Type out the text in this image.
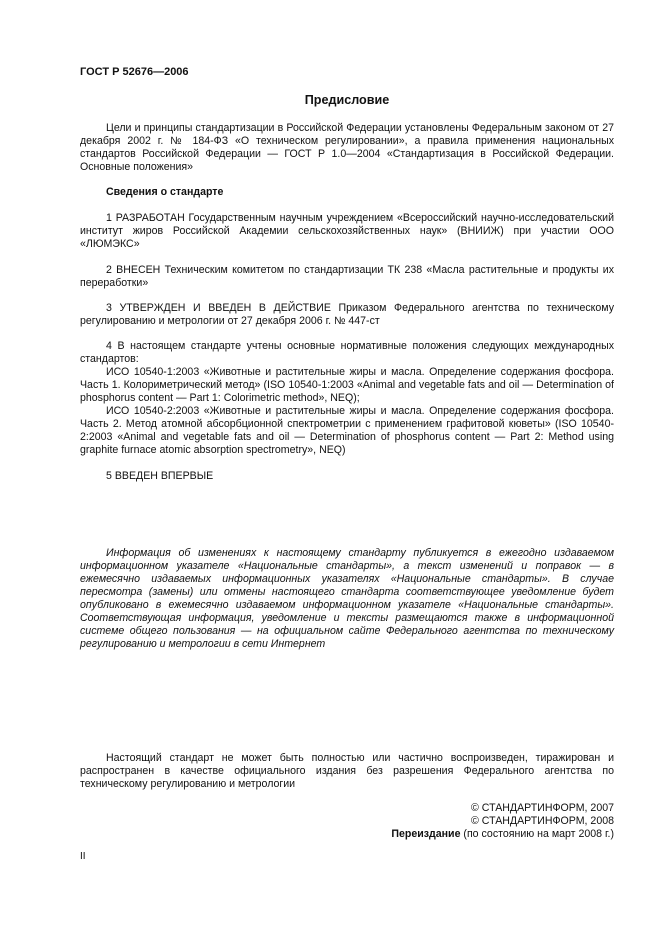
ГОСТ Р 52676—2006
Предисловие

Цели и принципы стандартизации в Российской Федерации установлены Федеральным законом от 27 декабря 2002 г. № 184-ФЗ «О техническом регулировании», а правила применения национальных стандартов Российской Федерации — ГОСТ Р 1.0—2004 «Стандартизация в Российской Федерации. Основные положения»

Сведения о стандарте

1 РАЗРАБОТАН Государственным научным учреждением «Всероссийский научно-исследовательский институт жиров Российской Академии сельскохозяйственных наук» (ВНИИЖ) при участии ООО «ЛЮМЭКС»

2 ВНЕСЕН Техническим комитетом по стандартизации ТК 238 «Масла растительные и продукты их переработки»

3 УТВЕРЖДЕН И ВВЕДЕН В ДЕЙСТВИЕ Приказом Федерального агентства по техническому регулированию и метрологии от 27 декабря 2006 г. № 447-ст

4 В настоящем стандарте учтены основные нормативные положения следующих международных стандартов:

ИСО 10540-1:2003 «Животные и растительные жиры и масла. Определение содержания фосфора. Часть 1. Колориметрический метод» (ISO 10540-1:2003 «Animal and vegetable fats and oil — Determination of phosphorus content — Part 1: Colorimetric method», NEQ);

ИСО 10540-2:2003 «Животные и растительные жиры и масла. Определение содержания фосфора. Часть 2. Метод атомной абсорбционной спектрометрии с применением графитовой кюветы» (ISO 10540-2:2003 «Animal and vegetable fats and oil — Determination of phosphorus content — Part 2: Method using graphite furnace atomic absorption spectrometry», NEQ)

5 ВВЕДЕН ВПЕРВЫЕ

Информация об изменениях к настоящему стандарту публикуется в ежегодно издаваемом информационном указателе «Национальные стандарты», а текст изменений и поправок — в ежемесячно издаваемых информационных указателях «Национальные стандарты». В случае пересмотра (замены) или отмены настоящего стандарта соответствующее уведомление будет опубликовано в ежемесячно издаваемом информационном указателе «Национальные стандарты». Соответствующая информация, уведомление и тексты размещаются также в информационной системе общего пользования — на официальном сайте Федерального агентства по техническому регулированию и метрологии в сети Интернет

Настоящий стандарт не может быть полностью или частично воспроизведен, тиражирован и распространен в качестве официального издания без разрешения Федерального агентства по техническому регулированию и метрологии

© СТАНДАРТИНФОРМ, 2007
© СТАНДАРТИНФОРМ, 2008
Переиздание (по состоянию на март 2008 г.)
II
